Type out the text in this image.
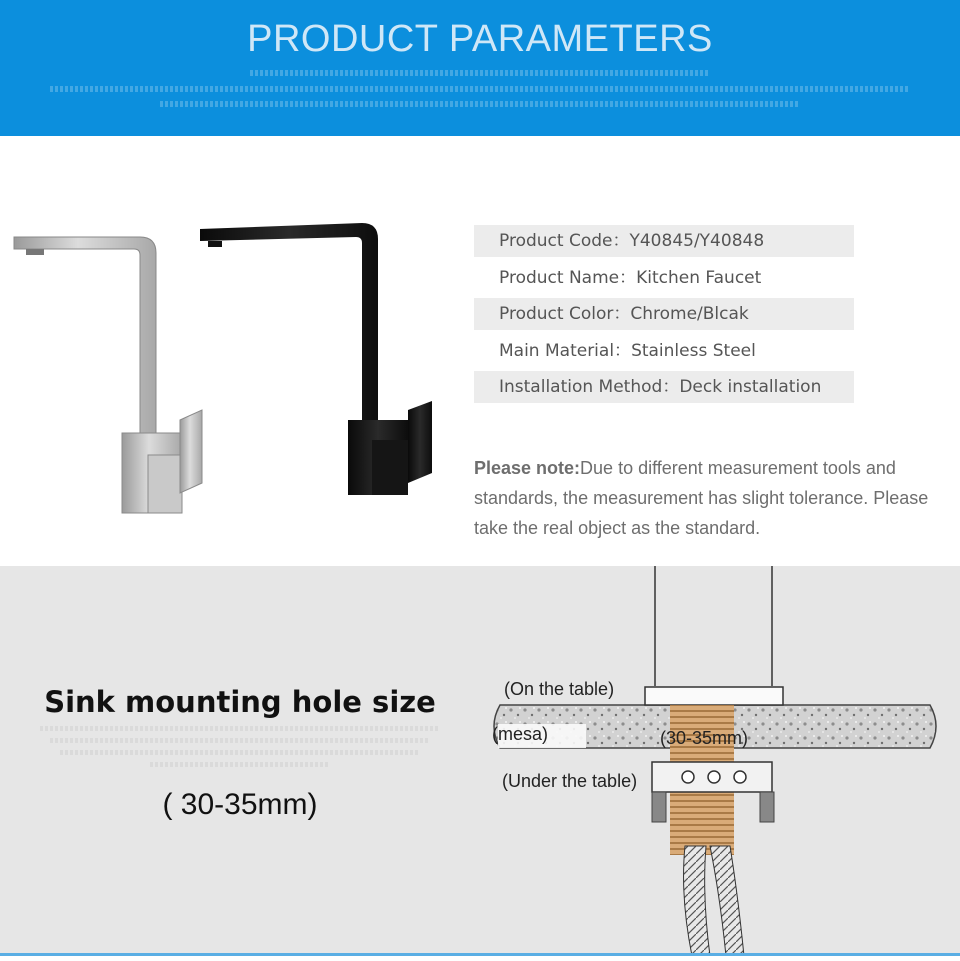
PRODUCT PARAMETERS
Product Code：Y40845/Y40848
Product Name：Kitchen Faucet
Product Color：Chrome/Blcak
Main Material：Stainless Steel
Installation Method：Deck installation
Please note:Due to different measurement tools and standards, the measurement has slight tolerance. Please take the real object as the standard.
Sink mounting hole size
( 30-35mm)
(On the table)
(mesa)	(30-35mm)
(Under the table)
